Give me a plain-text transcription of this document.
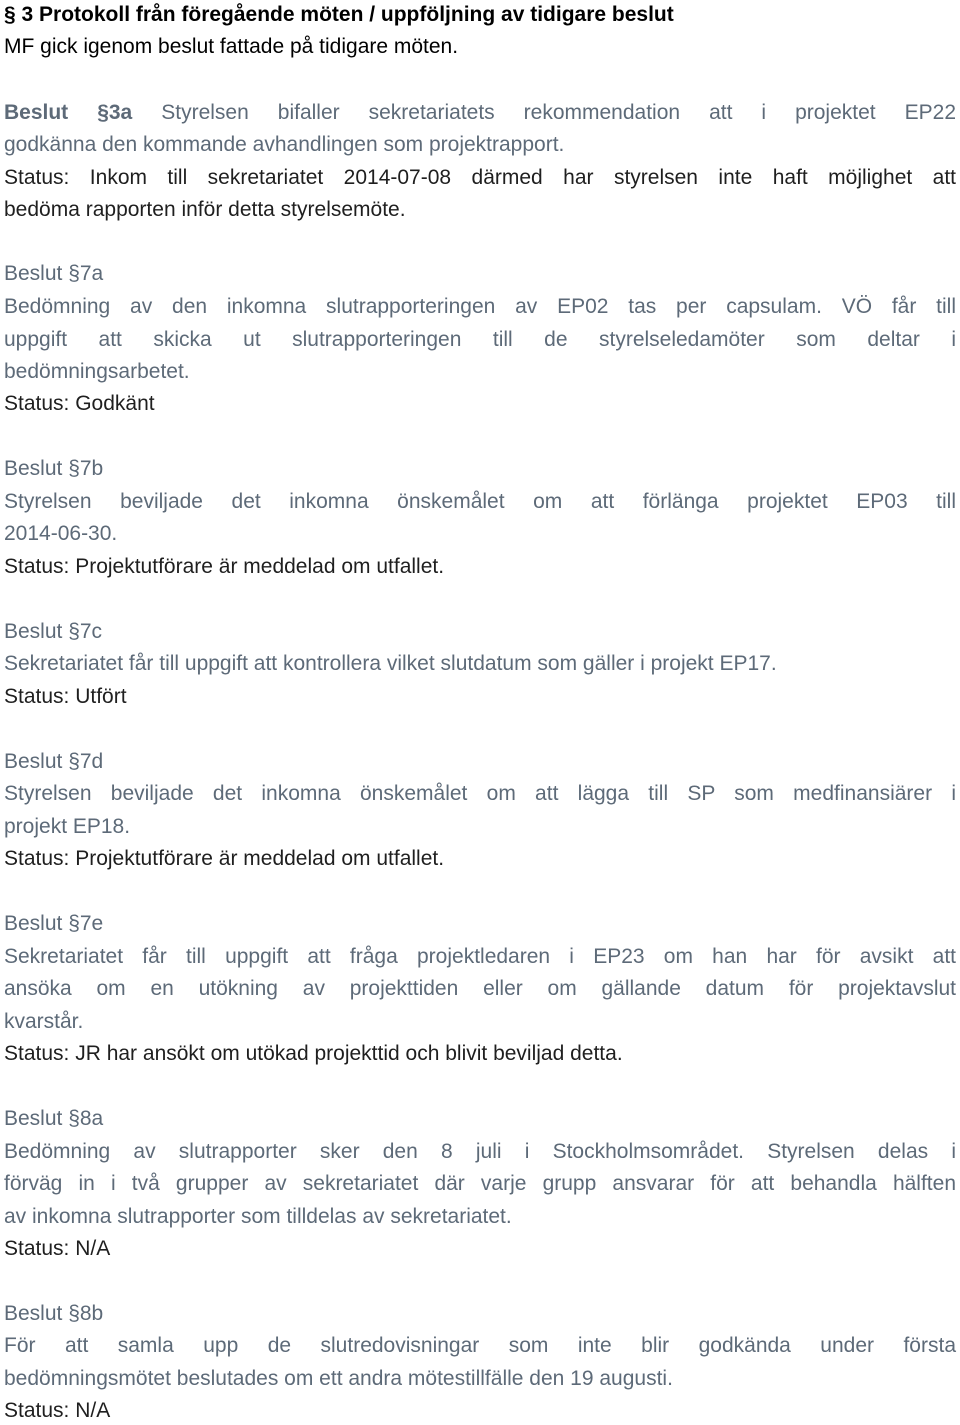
§ 3 Protokoll från föregående möten / uppföljning av tidigare beslut
MF gick igenom beslut fattade på tidigare möten.
Beslut §3a Styrelsen bifaller sekretariatets rekommendation att i projektet EP22
godkänna den kommande avhandlingen som projektrapport.
Status: Inkom till sekretariatet 2014-07-08 därmed har styrelsen inte haft möjlighet att
bedöma rapporten inför detta styrelsemöte.
Beslut §7a
Bedömning av den inkomna slutrapporteringen av EP02 tas per capsulam. VÖ får till
uppgift att skicka ut slutrapporteringen till de styrelseledamöter som deltar i
bedömningsarbetet.
Status: Godkänt
Beslut §7b
Styrelsen beviljade det inkomna önskemålet om att förlänga projektet EP03 till
2014-06-30.
Status: Projektutförare är meddelad om utfallet.
Beslut §7c
Sekretariatet får till uppgift att kontrollera vilket slutdatum som gäller i projekt EP17.
Status: Utfört
Beslut §7d
Styrelsen beviljade det inkomna önskemålet om att lägga till SP som medfinansiärer i
projekt EP18.
Status: Projektutförare är meddelad om utfallet.
Beslut §7e
Sekretariatet får till uppgift att fråga projektledaren i EP23 om han har för avsikt att
ansöka om en utökning av projekttiden eller om gällande datum för projektavslut
kvarstår.
Status: JR har ansökt om utökad projekttid och blivit beviljad detta.
Beslut §8a
Bedömning av slutrapporter sker den 8 juli i Stockholmsområdet. Styrelsen delas i
förväg in i två grupper av sekretariatet där varje grupp ansvarar för att behandla hälften
av inkomna slutrapporter som tilldelas av sekretariatet.
Status: N/A
Beslut §8b
För att samla upp de slutredovisningar som inte blir godkända under första
bedömningsmötet beslutades om ett andra mötestillfälle den 19 augusti.
Status: N/A
